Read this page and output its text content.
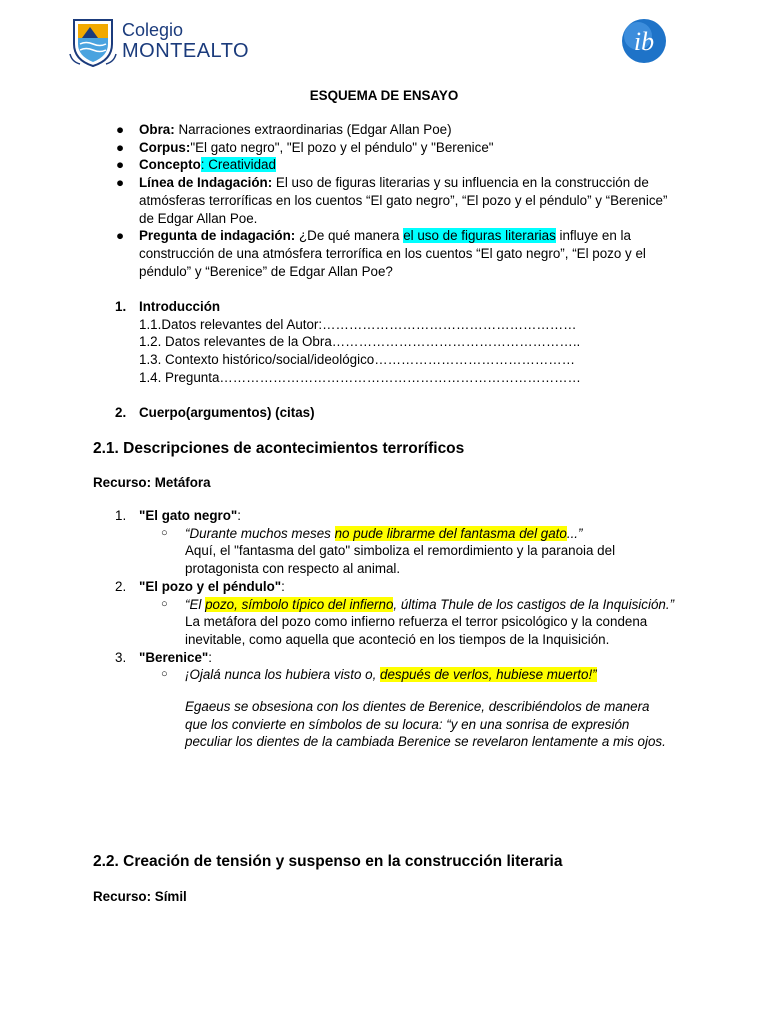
Colegio
MONTEALTO	ib
ESQUEMA DE ENSAYO
● Obra: Narraciones extraordinarias (Edgar Allan Poe)
● Corpus:"El gato negro", "El pozo y el péndulo" y "Berenice"
● Concepto: Creatividad
● Línea de Indagación: El uso de figuras literarias y su influencia en la construcción de atmósferas terroríficas en los cuentos “El gato negro”, “El pozo y el péndulo” y “Berenice” de Edgar Allan Poe.
● Pregunta de indagación: ¿De qué manera el uso de figuras literarias influye en la construcción de una atmósfera terrorífica en los cuentos “El gato negro”, “El pozo y el péndulo” y “Berenice” de Edgar Allan Poe?
1. Introducción
1.1.Datos relevantes del Autor:…………………………………………………
1.2. Datos relevantes de la Obra………………………………………………..
1.3. Contexto histórico/social/ideológico………………………………………
1.4. Pregunta………………………………………………………………………
2. Cuerpo(argumentos) (citas)
2.1. Descripciones de acontecimientos terroríficos
Recurso: Metáfora
1. "El gato negro":
○	“Durante muchos meses no pude librarme del fantasma del gato...”
Aquí, el "fantasma del gato" simboliza el remordimiento y la paranoia del protagonista con respecto al animal.
2. "El pozo y el péndulo":
○	“El pozo, símbolo típico del infierno, última Thule de los castigos de la Inquisición.”
La metáfora del pozo como infierno refuerza el terror psicológico y la condena inevitable, como aquella que aconteció en los tiempos de la Inquisición.
3. "Berenice":
○	¡Ojalá nunca los hubiera visto o, después de verlos, hubiese muerto!”
Egaeus se obsesiona con los dientes de Berenice, describiéndolos de manera que los convierte en símbolos de su locura: “y en una sonrisa de expresión peculiar los dientes de la cambiada Berenice se revelaron lentamente a mis ojos.
2.2. Creación de tensión y suspenso en la construcción literaria
Recurso: Símil
